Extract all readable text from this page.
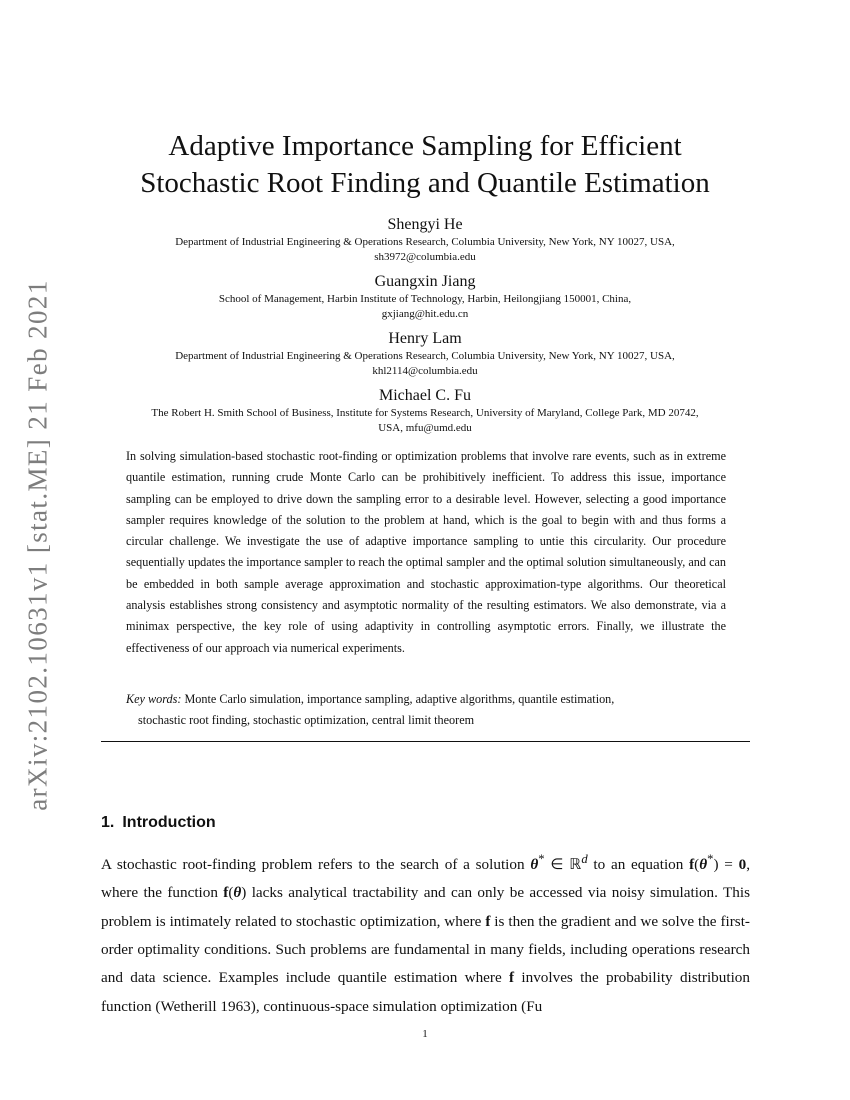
arXiv:2102.10631v1 [stat.ME] 21 Feb 2021
Adaptive Importance Sampling for Efficient
Stochastic Root Finding and Quantile Estimation
Shengyi He
Department of Industrial Engineering & Operations Research, Columbia University, New York, NY 10027, USA,
sh3972@columbia.edu
Guangxin Jiang
School of Management, Harbin Institute of Technology, Harbin, Heilongjiang 150001, China,
gxjiang@hit.edu.cn
Henry Lam
Department of Industrial Engineering & Operations Research, Columbia University, New York, NY 10027, USA,
khl2114@columbia.edu
Michael C. Fu
The Robert H. Smith School of Business, Institute for Systems Research, University of Maryland, College Park, MD 20742,
USA, mfu@umd.edu

In solving simulation-based stochastic root-finding or optimization problems that involve rare events, such as in extreme quantile estimation, running crude Monte Carlo can be prohibitively inefficient. To address this issue, importance sampling can be employed to drive down the sampling error to a desirable level. However, selecting a good importance sampler requires knowledge of the solution to the problem at hand, which is the goal to begin with and thus forms a circular challenge. We investigate the use of adaptive importance sampling to untie this circularity. Our procedure sequentially updates the importance sampler to reach the optimal sampler and the optimal solution simultaneously, and can be embedded in both sample average approximation and stochastic approximation-type algorithms. Our theoretical analysis establishes strong consistency and asymptotic normality of the resulting estimators. We also demonstrate, via a minimax perspective, the key role of using adaptivity in controlling asymptotic errors. Finally, we illustrate the effectiveness of our approach via numerical experiments.

Key words: Monte Carlo simulation, importance sampling, adaptive algorithms, quantile estimation,
stochastic root finding, stochastic optimization, central limit theorem

1. Introduction

A stochastic root-finding problem refers to the search of a solution θ* ∈ ℝ$^d$ to an equation f(θ*) = 0, where the function f(θ) lacks analytical tractability and can only be accessed via noisy simulation. This problem is intimately related to stochastic optimization, where f is then the gradient and we solve the first-order optimality conditions. Such problems are fundamental in many fields, including operations research and data science. Examples include quantile estimation where f involves the probability distribution function (Wetherill 1963), continuous-space simulation optimization (Fu

1
